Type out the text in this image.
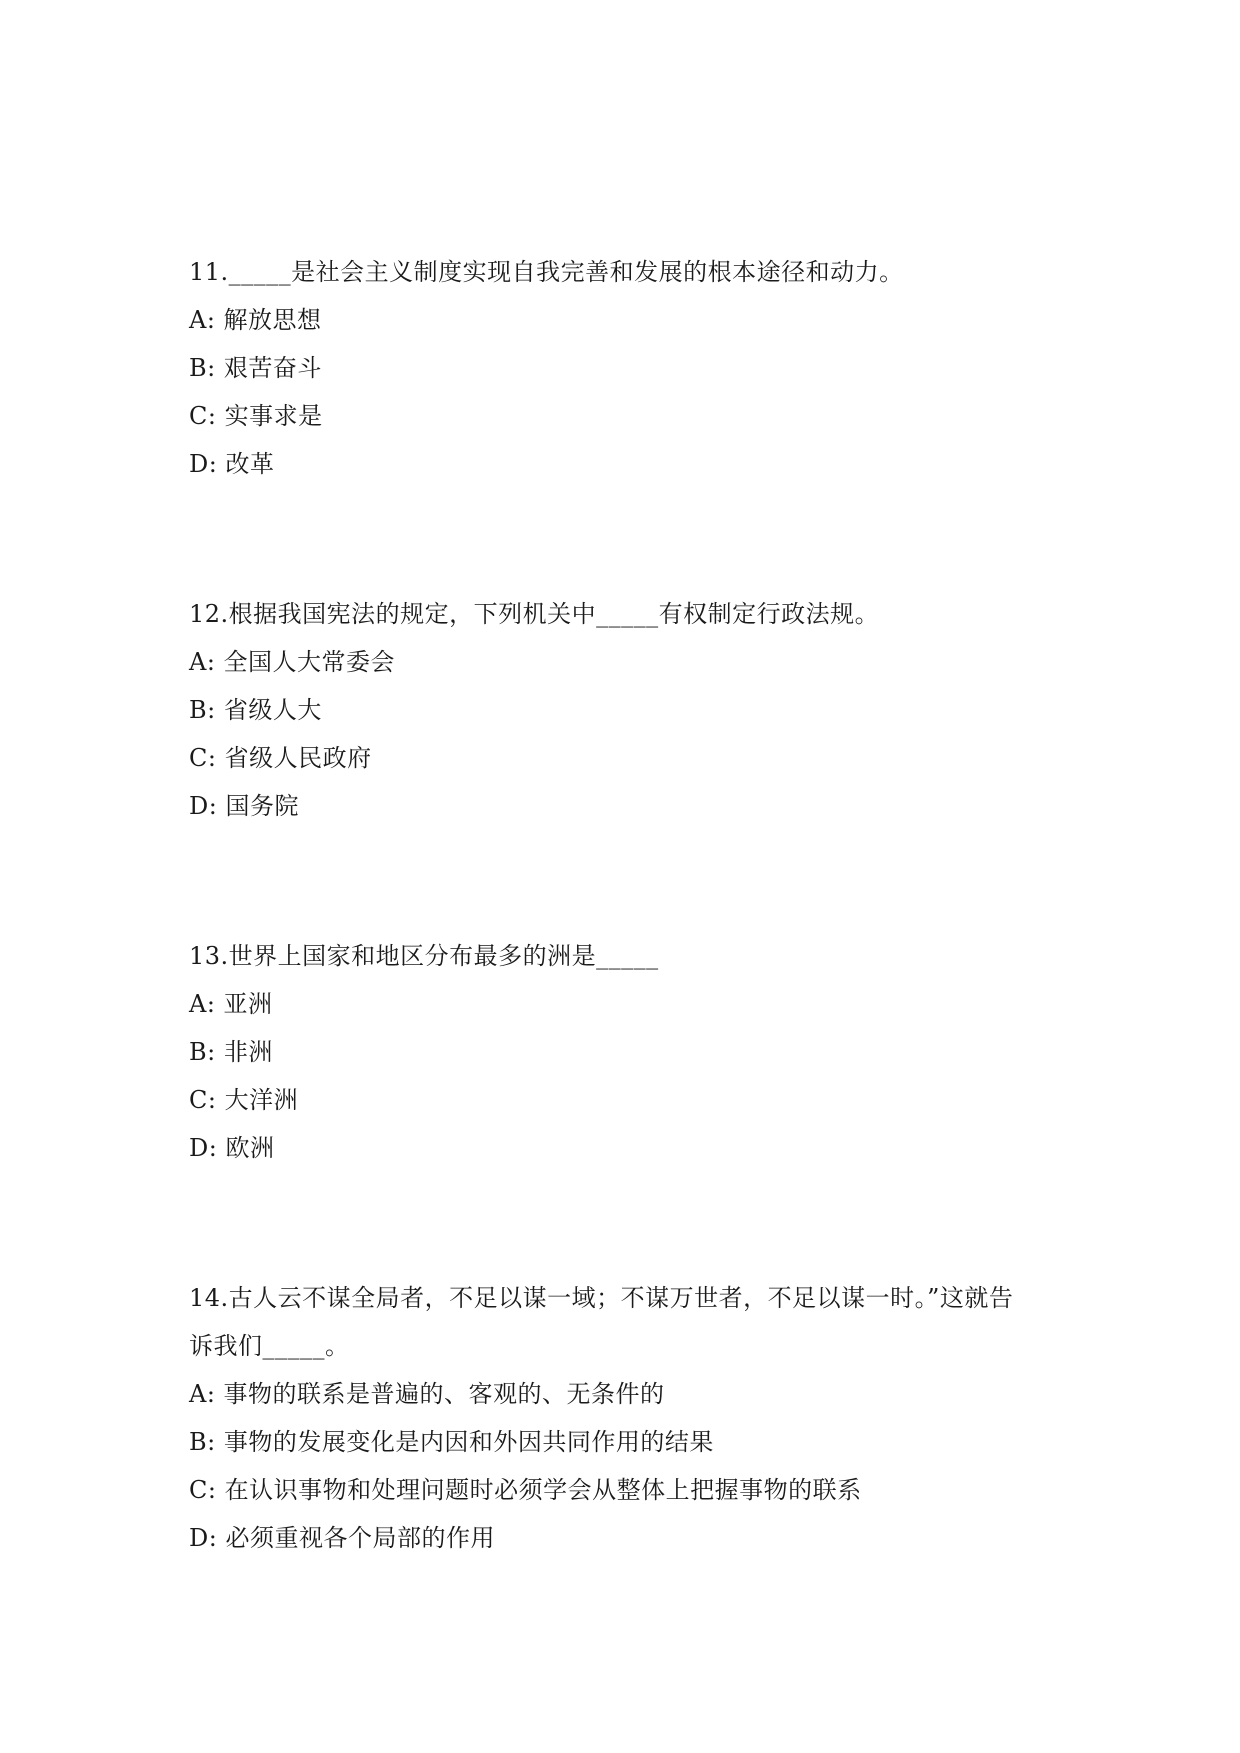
11._____是社会主义制度实现自我完善和发展的根本途径和动力。

A: 解放思想

B: 艰苦奋斗

C: 实事求是

D: 改革

12.根据我国宪法的规定，下列机关中_____有权制定行政法规。

A: 全国人大常委会

B: 省级人大

C: 省级人民政府

D: 国务院

13.世界上国家和地区分布最多的洲是_____

A: 亚洲

B: 非洲

C: 大洋洲

D: 欧洲

14.古人云不谋全局者，不足以谋一域；不谋万世者，不足以谋一时。”这就告

诉我们_____。

A: 事物的联系是普遍的、客观的、无条件的

B: 事物的发展变化是内因和外因共同作用的结果

C: 在认识事物和处理问题时必须学会从整体上把握事物的联系

D: 必须重视各个局部的作用
